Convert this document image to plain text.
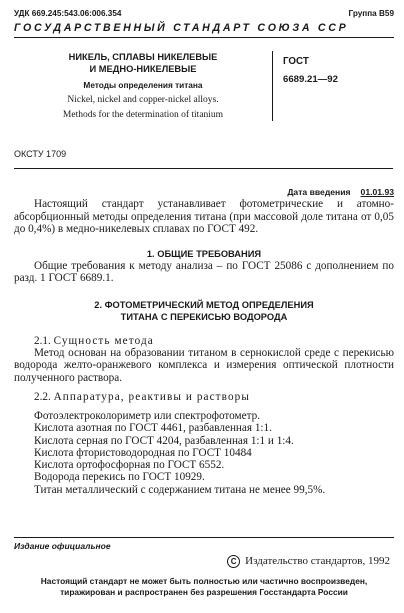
УДК 669.245:543.06:006.354	Группа В59
ГОСУДАРСТВЕННЫЙ СТАНДАРТ СОЮЗА ССР
НИКЕЛЬ, СПЛАВЫ НИКЕЛЕВЫЕ
И МЕДНО-НИКЕЛЕВЫЕ
Методы определения титана
Nickel, nickel and copper-nickel alloys.
Methods for the determination of titanium
ГОСТ
6689.21—92
ОКСТУ 1709
Дата введения 01.01.93

Настоящий стандарт устанавливает фотометрические и атомно-абсорбционный методы определения титана (при массовой доле титана от 0,05 до 0,4%) в медно-никелевых сплавах по ГОСТ 492.

1. ОБЩИЕ ТРЕБОВАНИЯ

Общие требования к методу анализа – по ГОСТ 25086 с дополнением по разд. 1 ГОСТ 6689.1.

2. ФОТОМЕТРИЧЕСКИЙ МЕТОД ОПРЕДЕЛЕНИЯ
ТИТАНА С ПЕРЕКИСЬЮ ВОДОРОДА
2.1. Сущность метода

Метод основан на образовании титаном в сернокислой среде с перекисью водорода желто-оранжевого комплекса и измерения оптической плотности полученного раствора.

2.2. Аппаратура, реактивы и растворы
Фотоэлектроколориметр или спектрофотометр.
Кислота азотная по ГОСТ 4461, разбавленная 1:1.
Кислота серная по ГОСТ 4204, разбавленная 1:1 и 1:4.
Кислота фтористоводородная по ГОСТ 10484
Кислота ортофосфорная по ГОСТ 6552.
Водорода перекись по ГОСТ 10929.
Титан металлический с содержанием титана не менее 99,5%.
Издание официальное
C Издательство стандартов, 1992
Настоящий стандарт не может быть полностью или частично воспроизведен,
тиражирован и распространен без разрешения Госстандарта России
